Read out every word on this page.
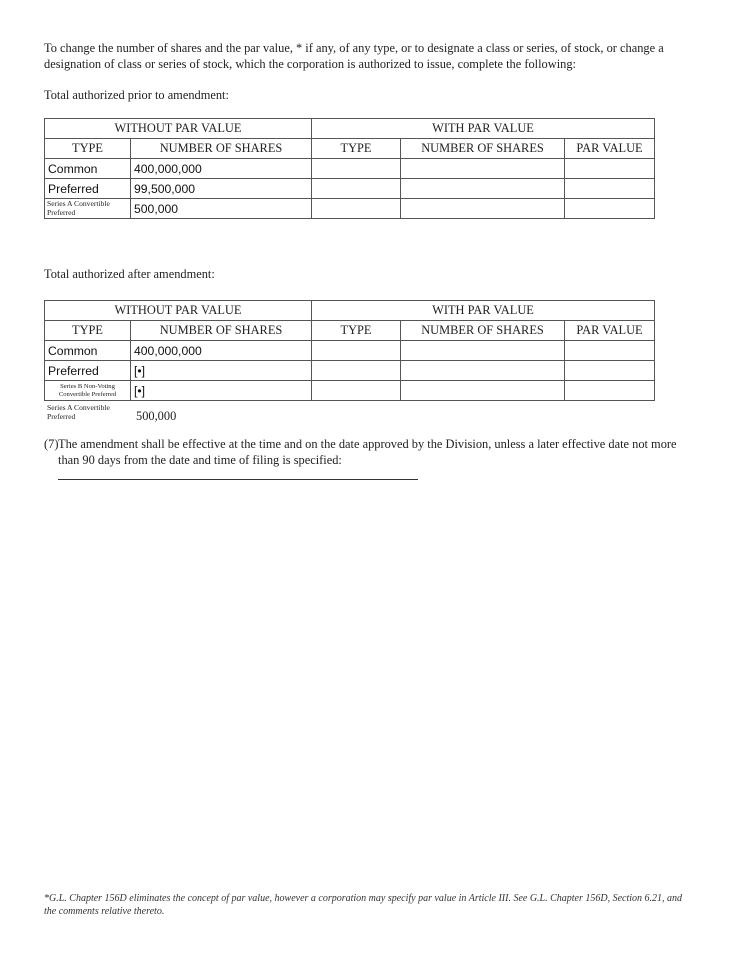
To change the number of shares and the par value, * if any, of any type, or to designate a class or series, of stock, or change a designation of class or series of stock, which the corporation is authorized to issue, complete the following:
Total authorized prior to amendment:
WITHOUT PAR VALUE		WITH PAR VALUE		
TYPE	NUMBER OF SHARES	TYPE	NUMBER OF SHARES	PAR VALUE
Common	400,000,000			
Preferred	99,500,000			
Series A Convertible Preferred	500,000			
Total authorized after amendment:
WITHOUT PAR VALUE		WITH PAR VALUE		
TYPE	NUMBER OF SHARES	TYPE	NUMBER OF SHARES	PAR VALUE
Common	400,000,000			
Preferred	[•]			
Series B Non-Voting Convertible Preferred	[•]			
Series A Convertible Preferred	500,000
(7) The amendment shall be effective at the time and on the date approved by the Division, unless a later effective date not more than 90 days from the date and time of filing is specified:
*G.L. Chapter 156D eliminates the concept of par value, however a corporation may specify par value in Article III. See G.L. Chapter 156D, Section 6.21, and the comments relative thereto.
